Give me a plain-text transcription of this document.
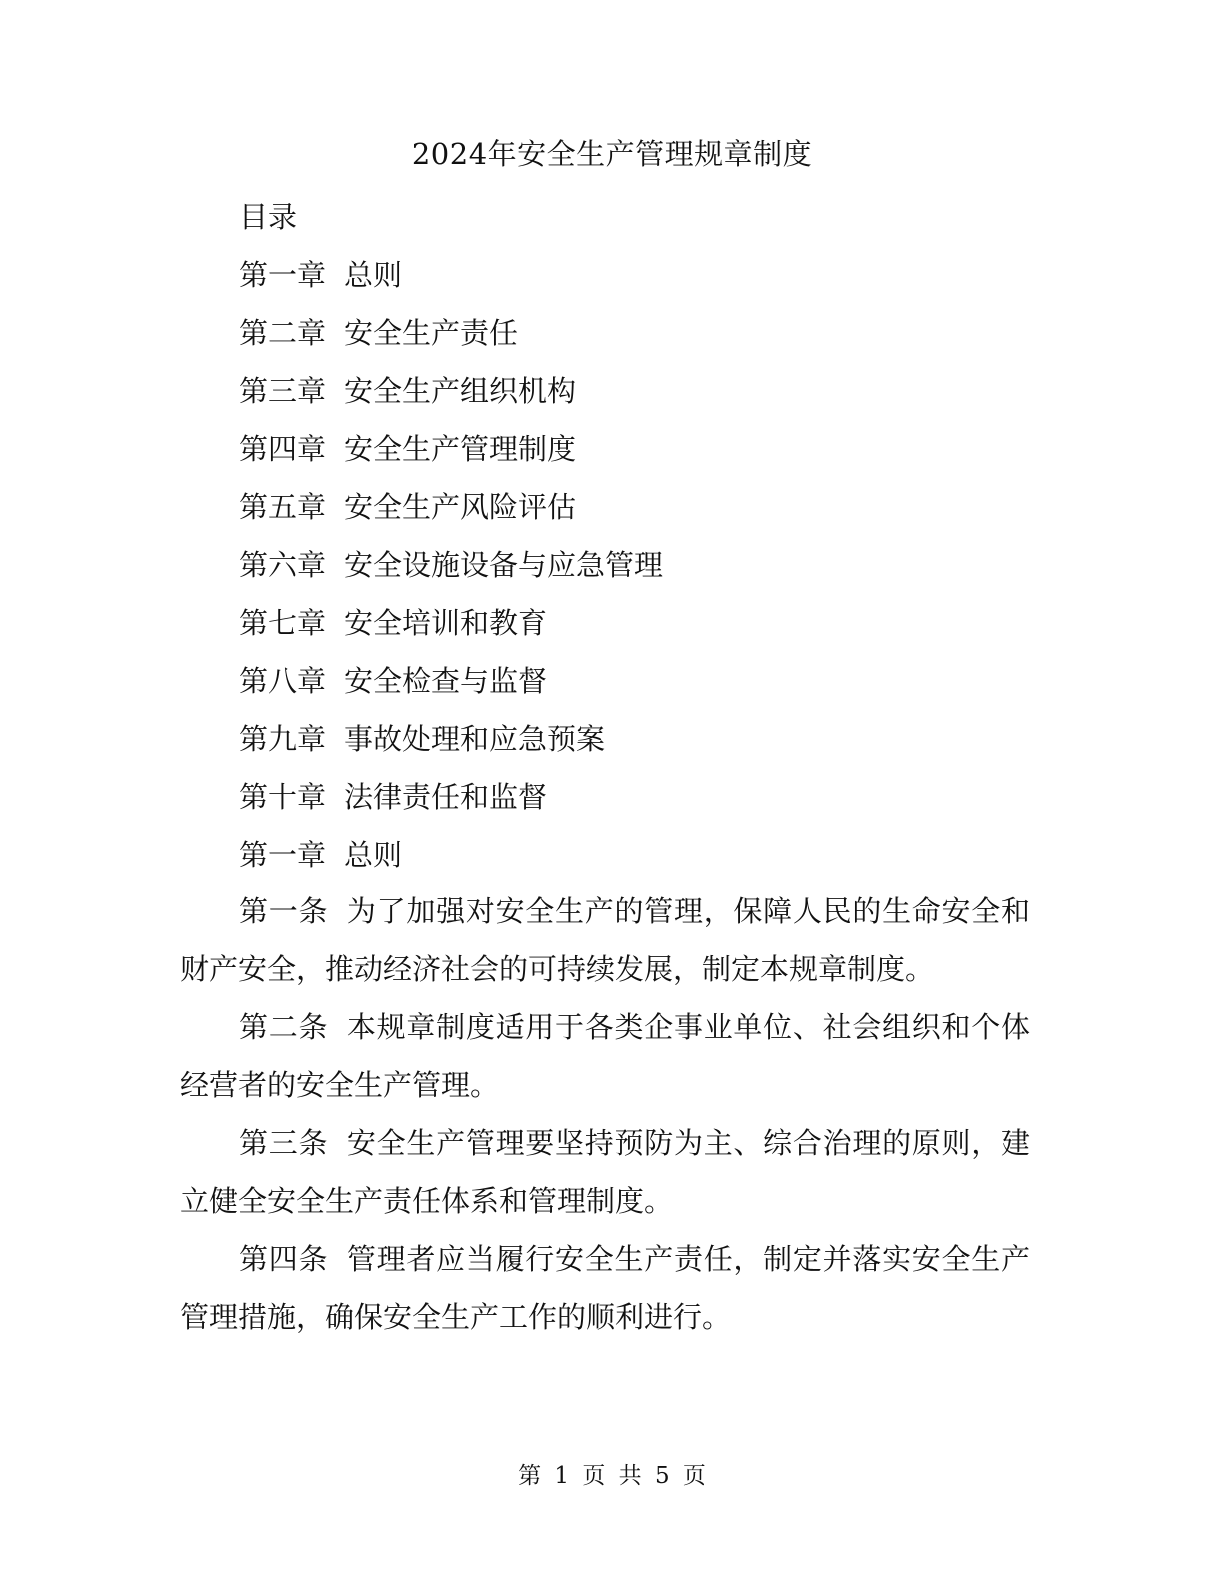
2024年安全生产管理规章制度
目录
第一章 总则
第二章 安全生产责任
第三章 安全生产组织机构
第四章 安全生产管理制度
第五章 安全生产风险评估
第六章 安全设施设备与应急管理
第七章 安全培训和教育
第八章 安全检查与监督
第九章 事故处理和应急预案
第十章 法律责任和监督
第一章 总则

第一条 为了加强对安全生产的管理，保障人民的生命安全和财产安全，推动经济社会的可持续发展，制定本规章制度。

第二条 本规章制度适用于各类企事业单位、社会组织和个体经营者的安全生产管理。

第三条 安全生产管理要坚持预防为主、综合治理的原则，建立健全安全生产责任体系和管理制度。

第四条 管理者应当履行安全生产责任，制定并落实安全生产管理措施，确保安全生产工作的顺利进行。

第 1 页 共 5 页
